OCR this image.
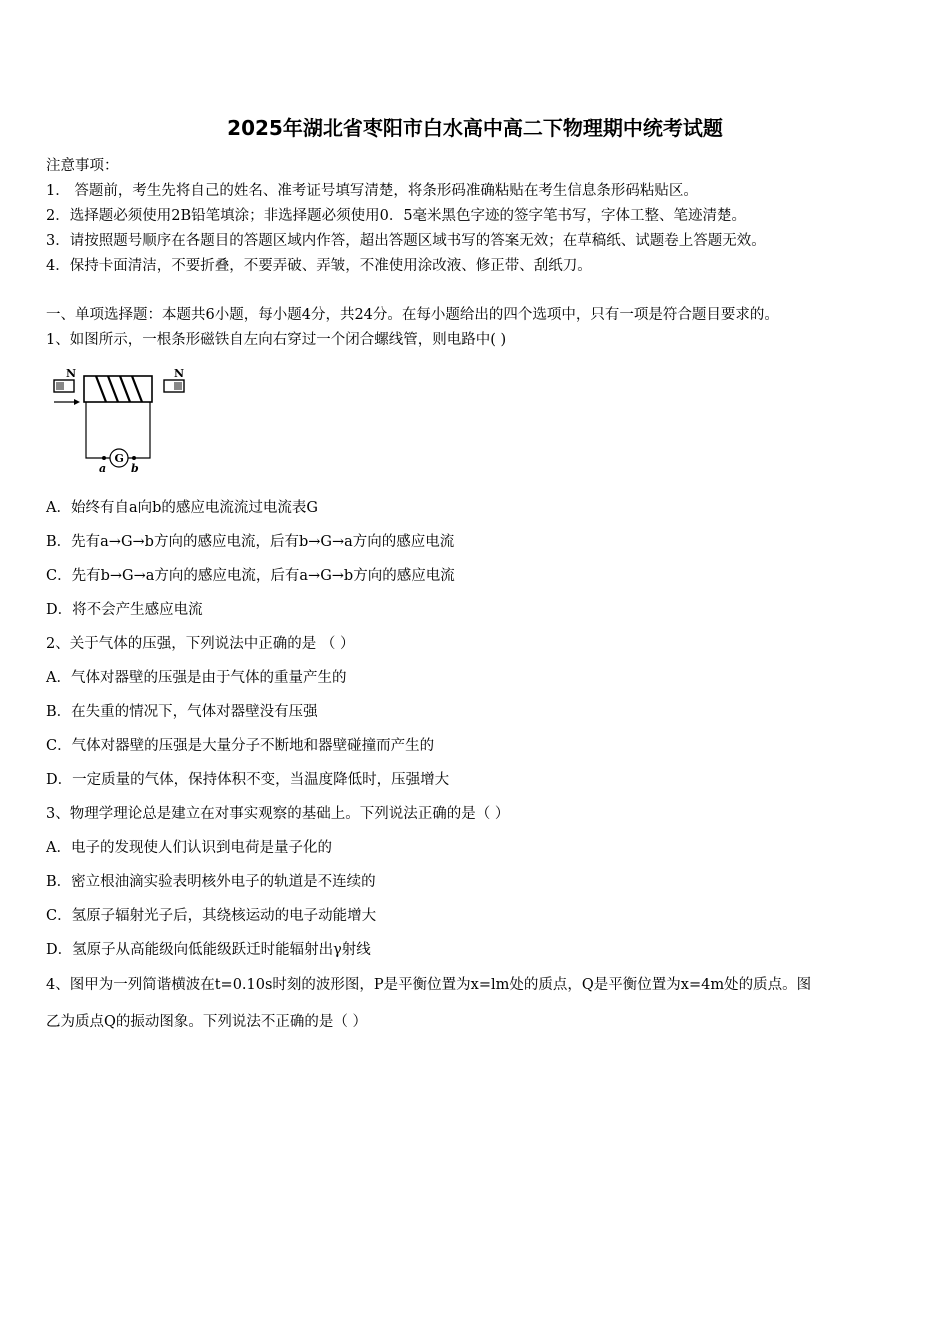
2025年湖北省枣阳市白水高中高二下物理期中统考试题
注意事项：
1． 答题前，考生先将自己的姓名、准考证号填写清楚，将条形码准确粘贴在考生信息条形码粘贴区。
2．选择题必须使用2B铅笔填涂；非选择题必须使用0．5毫米黑色字迹的签字笔书写，字体工整、笔迹清楚。
3．请按照题号顺序在各题目的答题区域内作答，超出答题区域书写的答案无效；在草稿纸、试题卷上答题无效。
4．保持卡面清洁，不要折叠，不要弄破、弄皱，不准使用涂改液、修正带、刮纸刀。
一、单项选择题：本题共6小题，每小题4分，共24分。在每小题给出的四个选项中，只有一项是符合题目要求的。
1、如图所示，一根条形磁铁自左向右穿过一个闭合螺线管，则电路中( )
N	N
G
a b
A．始终有自a向b的感应电流流过电流表G
B．先有a→G→b方向的感应电流，后有b→G→a方向的感应电流
C．先有b→G→a方向的感应电流，后有a→G→b方向的感应电流
D．将不会产生感应电流
2、关于气体的压强，下列说法中正确的是 （ ）
A．气体对器壁的压强是由于气体的重量产生的
B．在失重的情况下，气体对器壁没有压强
C．气体对器壁的压强是大量分子不断地和器壁碰撞而产生的
D．一定质量的气体，保持体积不变，当温度降低时，压强增大
3、物理学理论总是建立在对事实观察的基础上。下列说法正确的是（ ）
A．电子的发现使人们认识到电荷是量子化的
B．密立根油滴实验表明核外电子的轨道是不连续的
C．氢原子辐射光子后，其绕核运动的电子动能增大
D．氢原子从高能级向低能级跃迁时能辐射出γ射线
4、图甲为一列简谐横波在t=0.10s时刻的波形图，P是平衡位置为x=lm处的质点，Q是平衡位置为x=4m处的质点。图
乙为质点Q的振动图象。下列说法不正确的是（ ）
